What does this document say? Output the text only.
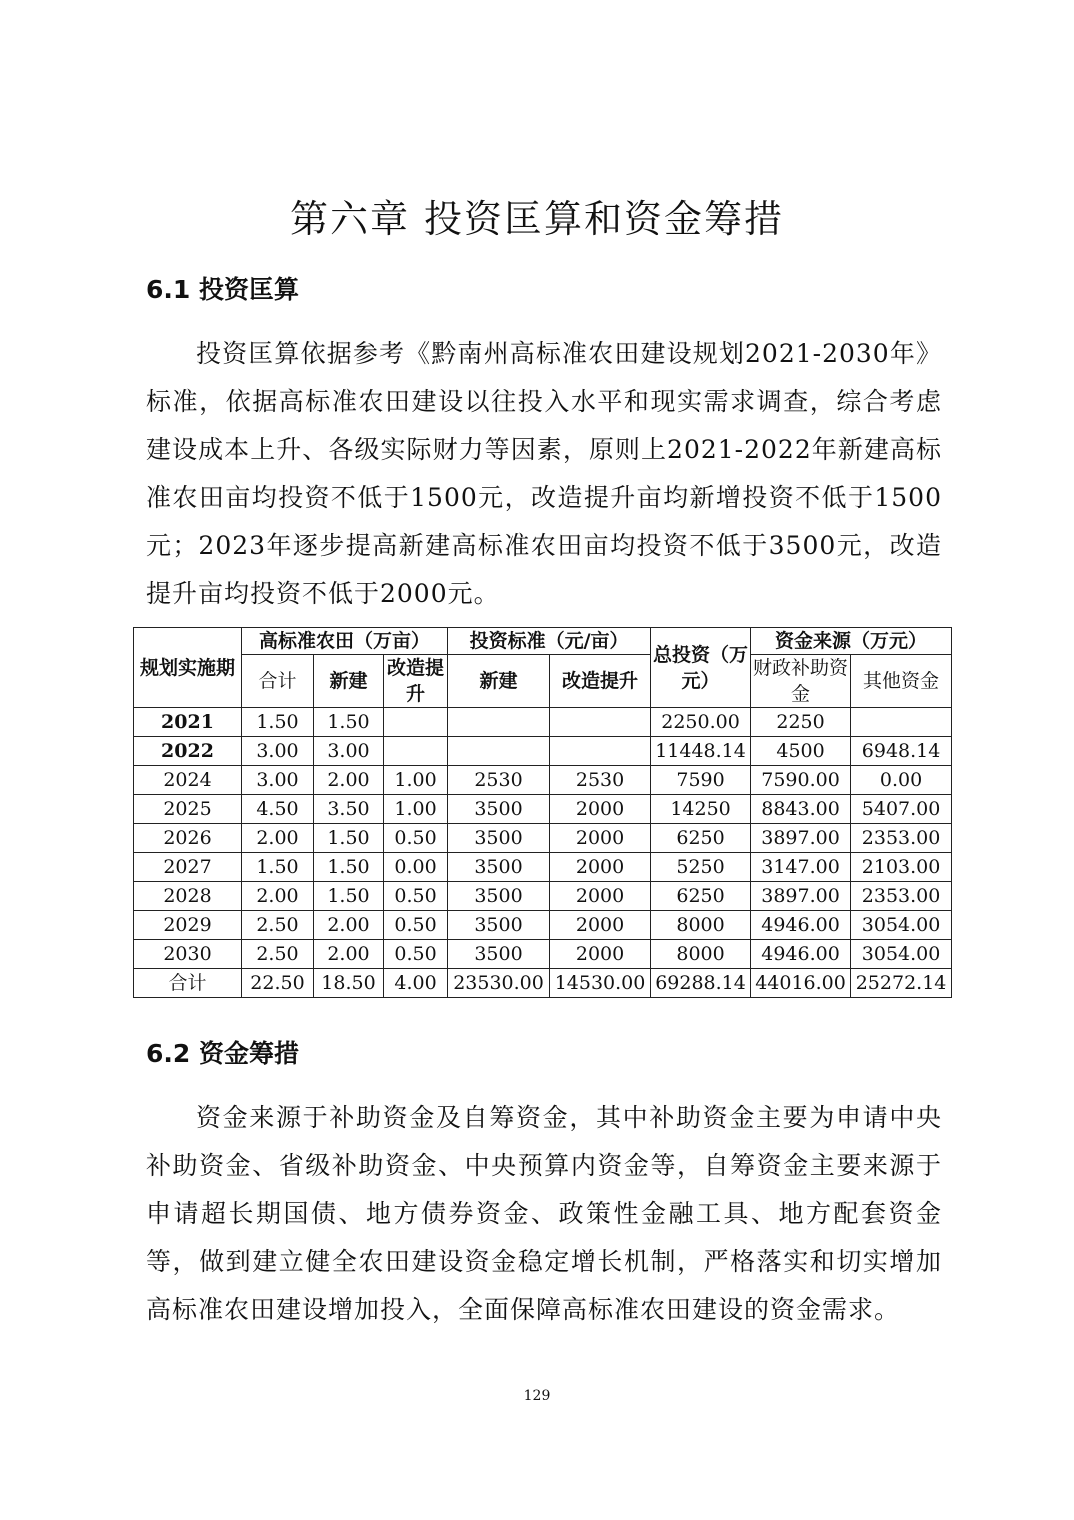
第六章 投资匡算和资金筹措
6.1 投资匡算
投资匡算依据参考《黔南州高标准农田建设规划2021-2030年》标准，依据高标准农田建设以往投入水平和现实需求调查，综合考虑建设成本上升、各级实际财力等因素，原则上2021-2022年新建高标准农田亩均投资不低于1500元，改造提升亩均新增投资不低于1500元；2023年逐步提高新建高标准农田亩均投资不低于3500元，改造提升亩均投资不低于2000元。
规划实施期	高标准农田（万亩）			投资标准（元/亩）		总投资（万元）	资金来源（万元）	

	合计	新建	改造提升	新建	改造提升		财政补助资金	其他资金
2021	1.50	1.50				2250.00	2250	
2022	3.00	3.00				11448.14	4500	6948.14
2024	3.00	2.00	1.00	2530	2530	7590	7590.00	0.00
2025	4.50	3.50	1.00	3500	2000	14250	8843.00	5407.00
2026	2.00	1.50	0.50	3500	2000	6250	3897.00	2353.00
2027	1.50	1.50	0.00	3500	2000	5250	3147.00	2103.00
2028	2.00	1.50	0.50	3500	2000	6250	3897.00	2353.00
2029	2.50	2.00	0.50	3500	2000	8000	4946.00	3054.00
2030	2.50	2.00	0.50	3500	2000	8000	4946.00	3054.00
合计	22.50	18.50	4.00	23530.00	14530.00	69288.14	44016.00	25272.14
6.2 资金筹措
资金来源于补助资金及自筹资金，其中补助资金主要为申请中央补助资金、省级补助资金、中央预算内资金等，自筹资金主要来源于申请超长期国债、地方债券资金、政策性金融工具、地方配套资金等，做到建立健全农田建设资金稳定增长机制，严格落实和切实增加高标准农田建设增加投入，全面保障高标准农田建设的资金需求。
129
